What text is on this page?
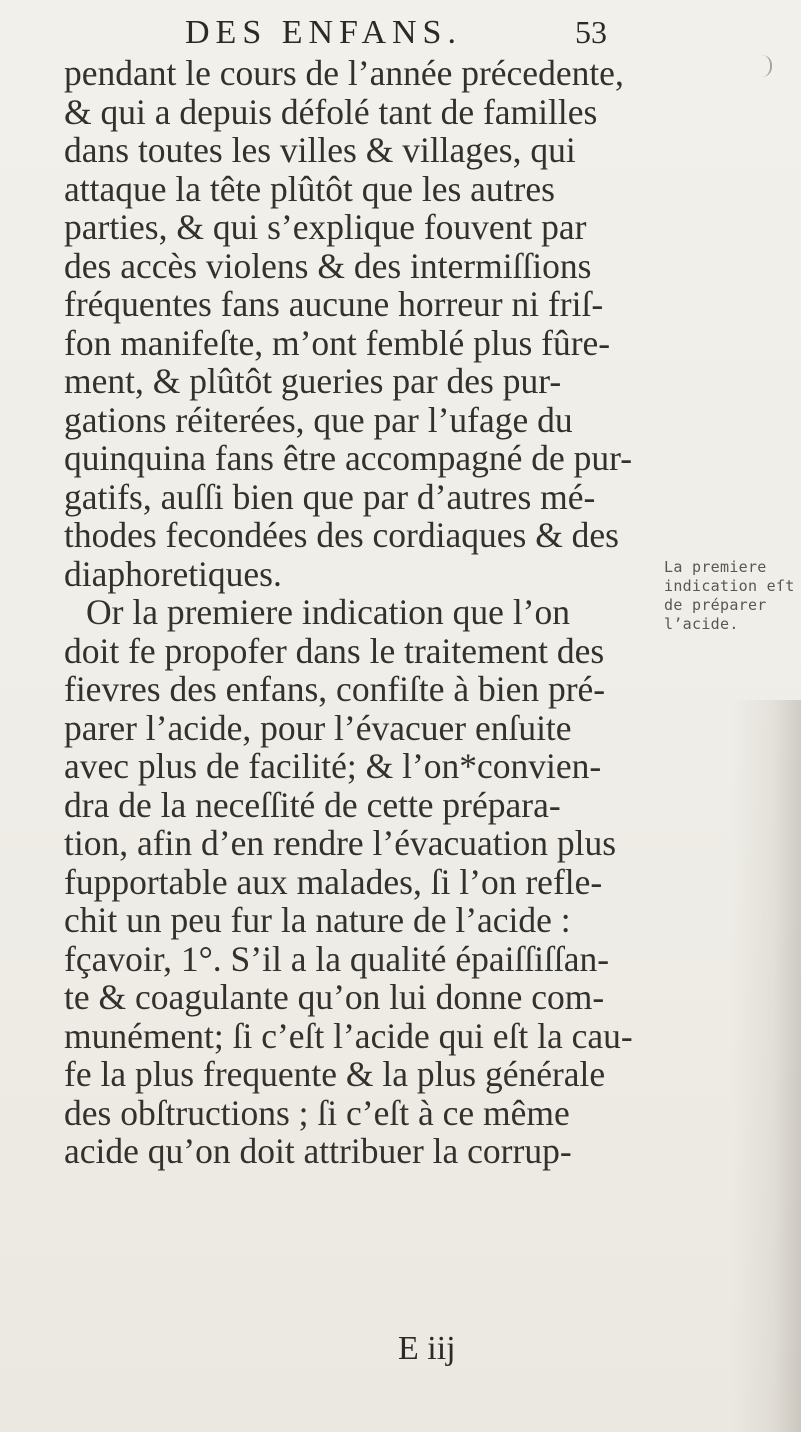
DES ENFANS.	53
pendant le cours de l’année précedente,
& qui a depuis défolé tant de familles
dans toutes les villes & villages, qui
attaque la tête plûtôt que les autres
parties, & qui s’explique fouvent par
des accès violens & des intermiſſions
fréquentes fans aucune horreur ni friſ-
fon manifeſte, m’ont femblé plus fûre-
ment, & plûtôt gueries par des pur-
gations réiterées, que par l’ufage du
quinquina fans être accompagné de pur-
gatifs, auſſi bien que par d’autres mé-
thodes fecondées des cordiaques & des
diaphoretiques.
Or la premiere indication que l’on
doit fe propofer dans le traitement des
fievres des enfans, confiſte à bien pré-
parer l’acide, pour l’évacuer enſuite
avec plus de facilité; & l’on*convien-
dra de la neceſſité de cette prépara-
tion, afin d’en rendre l’évacuation plus
fupportable aux malades, ſi l’on refle-
chit un peu fur la nature de l’acide :
fçavoir, 1°. S’il a la qualité épaiſſiſſan-
te & coagulante qu’on lui donne com-
munément; ſi c’eſt l’acide qui eſt la cau-
fe la plus frequente & la plus générale
des obſtructions ; ſi c’eſt à ce même
acide qu’on doit attribuer la corrup-
La premiere
indication eſt
de préparer
l’acide.
E iij
